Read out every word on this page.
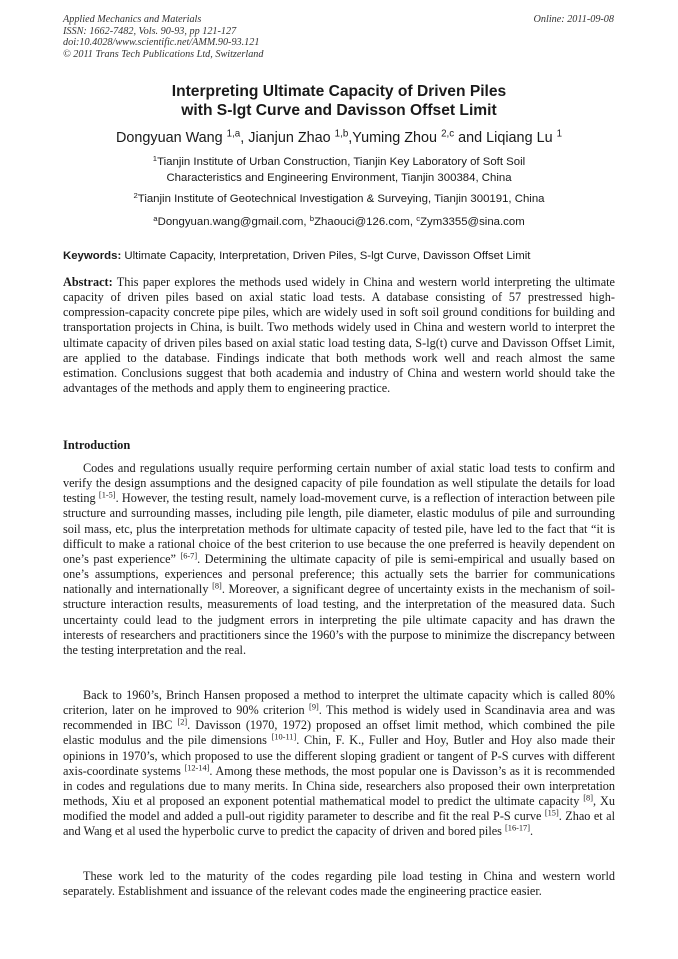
Applied Mechanics and Materials
ISSN: 1662-7482, Vols. 90-93, pp 121-127
doi:10.4028/www.scientific.net/AMM.90-93.121
© 2011 Trans Tech Publications Ltd, Switzerland
Online: 2011-09-08
Interpreting Ultimate Capacity of Driven Piles
with S-lgt Curve and Davisson Offset Limit
Dongyuan Wang $^{1,a}$, Jianjun Zhao $^{1,b}$,Yuming Zhou $^{2,c}$ and Liqiang Lu $^1$
$^1$Tianjin Institute of Urban Construction, Tianjin Key Laboratory of Soft Soil
Characteristics and Engineering Environment, Tianjin 300384, China
$^2$Tianjin Institute of Geotechnical Investigation & Surveying, Tianjin 300191, China
$^a$Dongyuan.wang@gmail.com, $^b$Zhaouci@126.com, $^c$Zym3355@sina.com
Keywords: Ultimate Capacity, Interpretation, Driven Piles, S-lgt Curve, Davisson Offset Limit
Abstract: This paper explores the methods used widely in China and western world interpreting the ultimate capacity of driven piles based on axial static load tests. A database consisting of 57 prestressed high- compression-capacity concrete pipe piles, which are widely used in soft soil ground conditions for building and transportation projects in China, is built. Two methods widely used in China and western world to interpret the ultimate capacity of driven piles based on axial static load testing data, S-lg(t) curve and Davisson Offset Limit, are applied to the database. Findings indicate that both methods work well and reach almost the same estimation. Conclusions suggest that both academia and industry of China and western world should take the advantages of the methods and apply them to engineering practice.
Introduction
Codes and regulations usually require performing certain number of axial static load tests to confirm and verify the design assumptions and the designed capacity of pile foundation as well stipulate the details for load testing [1-5]. However, the testing result, namely load-movement curve, is a reflection of interaction between pile structure and surrounding masses, including pile length, pile diameter, elastic modulus of pile and surrounding soil mass, etc, plus the interpretation methods for ultimate capacity of tested pile, have led to the fact that “it is difficult to make a rational choice of the best criterion to use because the one preferred is heavily dependent on one’s past experience” [6-7]. Determining the ultimate capacity of pile is semi-empirical and usually based on one’s assumptions, experiences and personal preference; this actually sets the barrier for communications nationally and internationally [8]. Moreover, a significant degree of uncertainty exists in the mechanism of soil-structure interaction results, measurements of load testing, and the interpretation of the measured data. Such uncertainty could lead to the judgment errors in interpreting the pile ultimate capacity and has drawn the interests of researchers and practitioners since the 1960’s with the purpose to minimize the discrepancy between the testing interpretation and the real.
Back to 1960’s, Brinch Hansen proposed a method to interpret the ultimate capacity which is called 80% criterion, later on he improved to 90% criterion [9]. This method is widely used in Scandinavia area and was recommended in IBC [2]. Davisson (1970, 1972) proposed an offset limit method, which combined the pile elastic modulus and the pile dimensions [10-11]. Chin, F. K., Fuller and Hoy, Butler and Hoy also made their opinions in 1970’s, which proposed to use the different sloping gradient or tangent of P-S curves with different axis-coordinate systems [12-14]. Among these methods, the most popular one is Davisson’s as it is recommended in codes and regulations due to many merits. In China side, researchers also proposed their own interpretation methods, Xiu et al proposed an exponent potential mathematical model to predict the ultimate capacity [8], Xu modified the model and added a pull-out rigidity parameter to describe and fit the real P-S curve [15]. Zhao et al and Wang et al used the hyperbolic curve to predict the capacity of driven and bored piles [16-17].
These work led to the maturity of the codes regarding pile load testing in China and western world separately. Establishment and issuance of the relevant codes made the engineering practice easier.
